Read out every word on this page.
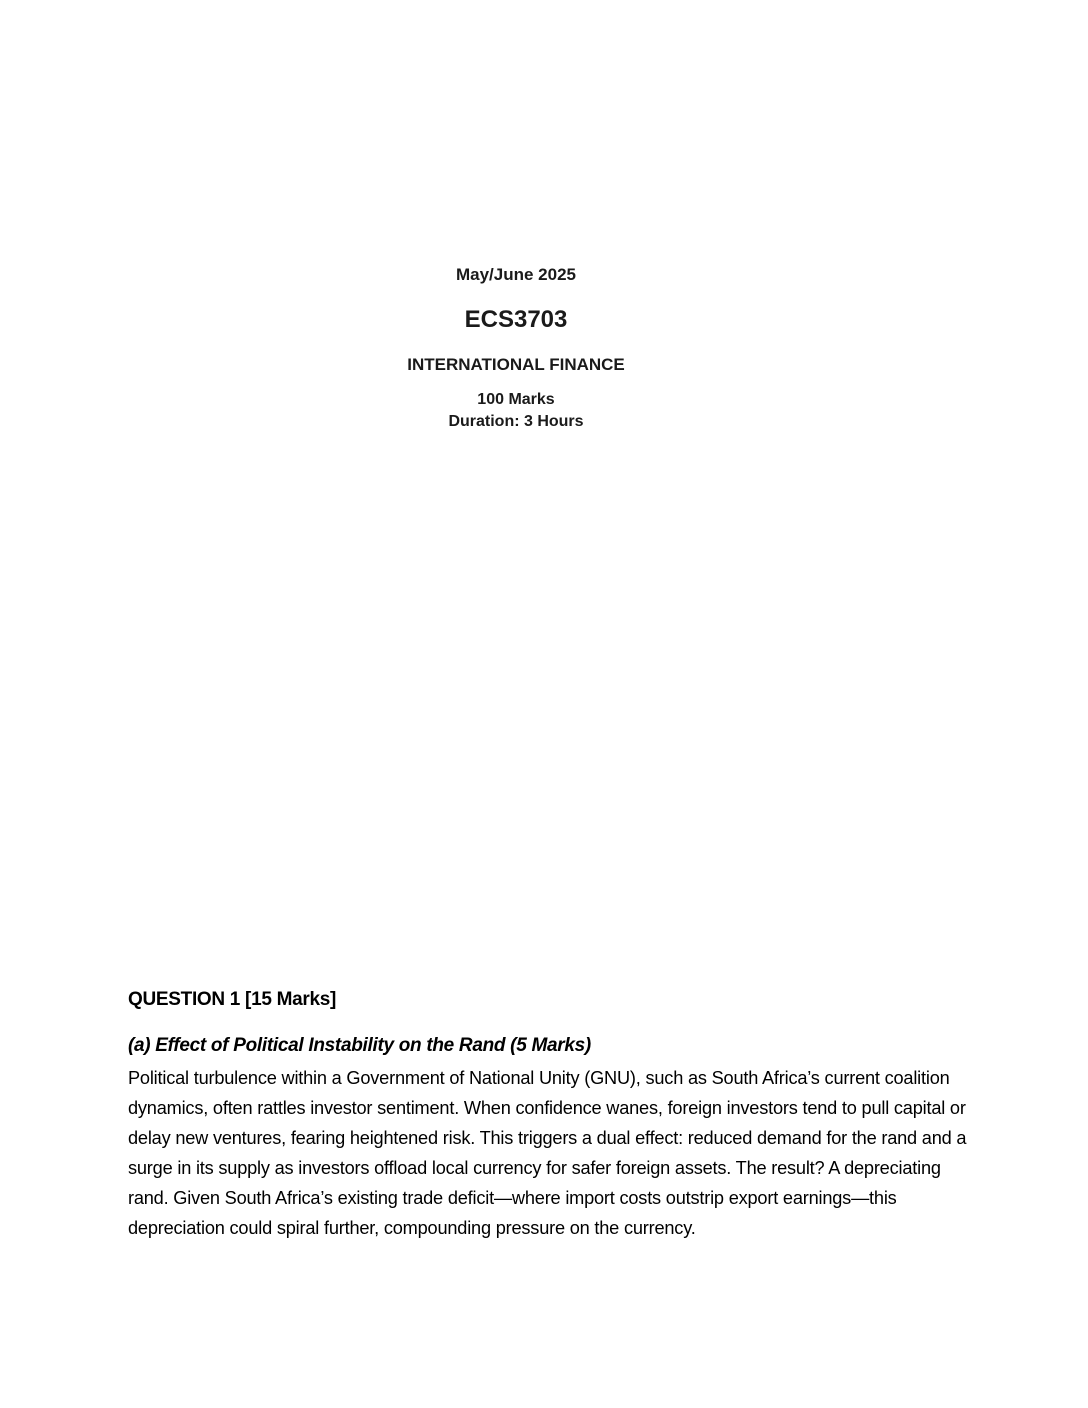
May/June 2025
ECS3703
INTERNATIONAL FINANCE
100 Marks
Duration: 3 Hours
QUESTION 1 [15 Marks]
(a) Effect of Political Instability on the Rand (5 Marks)
Political turbulence within a Government of National Unity (GNU), such as South Africa’s current coalition dynamics, often rattles investor sentiment. When confidence wanes, foreign investors tend to pull capital or delay new ventures, fearing heightened risk. This triggers a dual effect: reduced demand for the rand and a surge in its supply as investors offload local currency for safer foreign assets. The result? A depreciating rand. Given South Africa’s existing trade deficit—where import costs outstrip export earnings—this depreciation could spiral further, compounding pressure on the currency.
